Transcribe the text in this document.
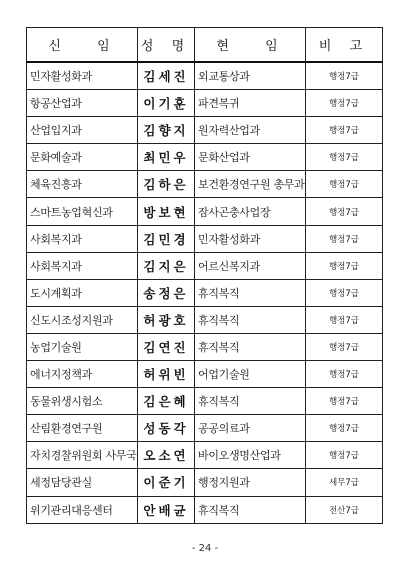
신 임	성 명	현 임	비 고
민자활성화과	김세진	외교통상과	행정7급
항공산업과	이기훈	파견복귀	행정7급
산업입지과	김향지	원자력산업과	행정7급
문화예술과	최민우	문화산업과	행정7급
체육진흥과	김하은	보건환경연구원 총무과	행정7급
스마트농업혁신과	방보현	잠사곤충사업장	행정7급
사회복지과	김민경	민자활성화과	행정7급
사회복지과	김지은	어르신복지과	행정7급
도시계획과	송정은	휴직복직	행정7급
신도시조성지원과	허광호	휴직복직	행정7급
농업기술원	김연진	휴직복직	행정7급
에너지정책과	허위빈	어업기술원	행정7급
동물위생시험소	김은혜	휴직복직	행정7급
산림환경연구원	성동각	공공의료과	행정7급
자치경찰위원회 사무국	오소연	바이오생명산업과	행정7급
세정담당관실	이준기	행정지원과	세무7급
위기관리대응센터	안배균	휴직복직	전산7급
- 24 -
